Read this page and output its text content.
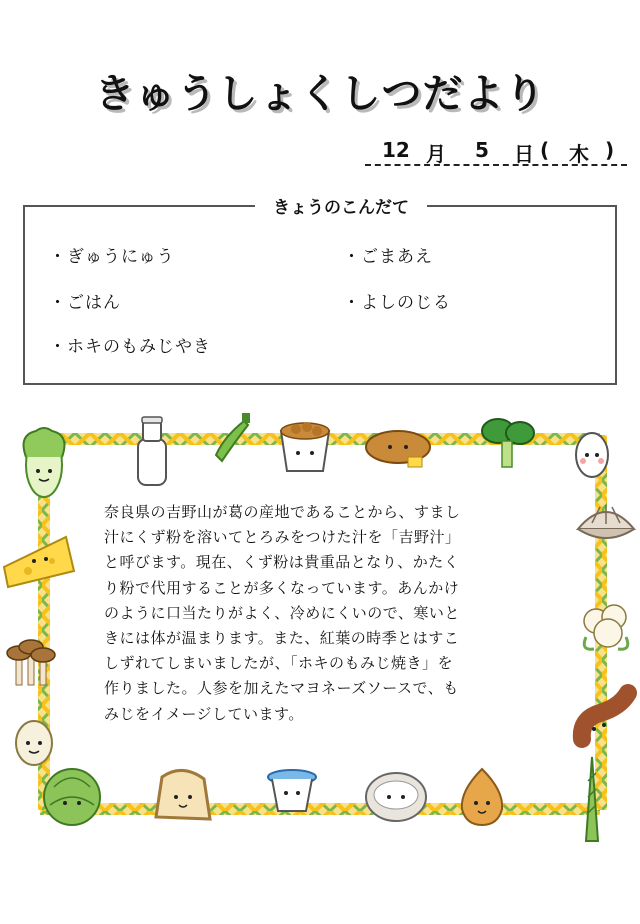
きゅうしょくしつだより
12 月 5 日 ( 木 )
きょうのこんだて
・ぎゅうにゅう
・ごはん
・ホキのもみじやき
・ごまあえ
・よしのじる
奈良県の吉野山が葛の産地であることから、すまし
汁にくず粉を溶いてとろみをつけた汁を「吉野汁」
と呼びます。現在、くず粉は貴重品となり、かたく
り粉で代用することが多くなっています。あんかけ
のように口当たりがよく、冷めにくいので、寒いと
きには体が温まります。また、紅葉の時季とはすこ
しずれてしまいましたが、「ホキのもみじ焼き」を
作りました。人参を加えたマヨネーズソースで、も
みじをイメージしています。
